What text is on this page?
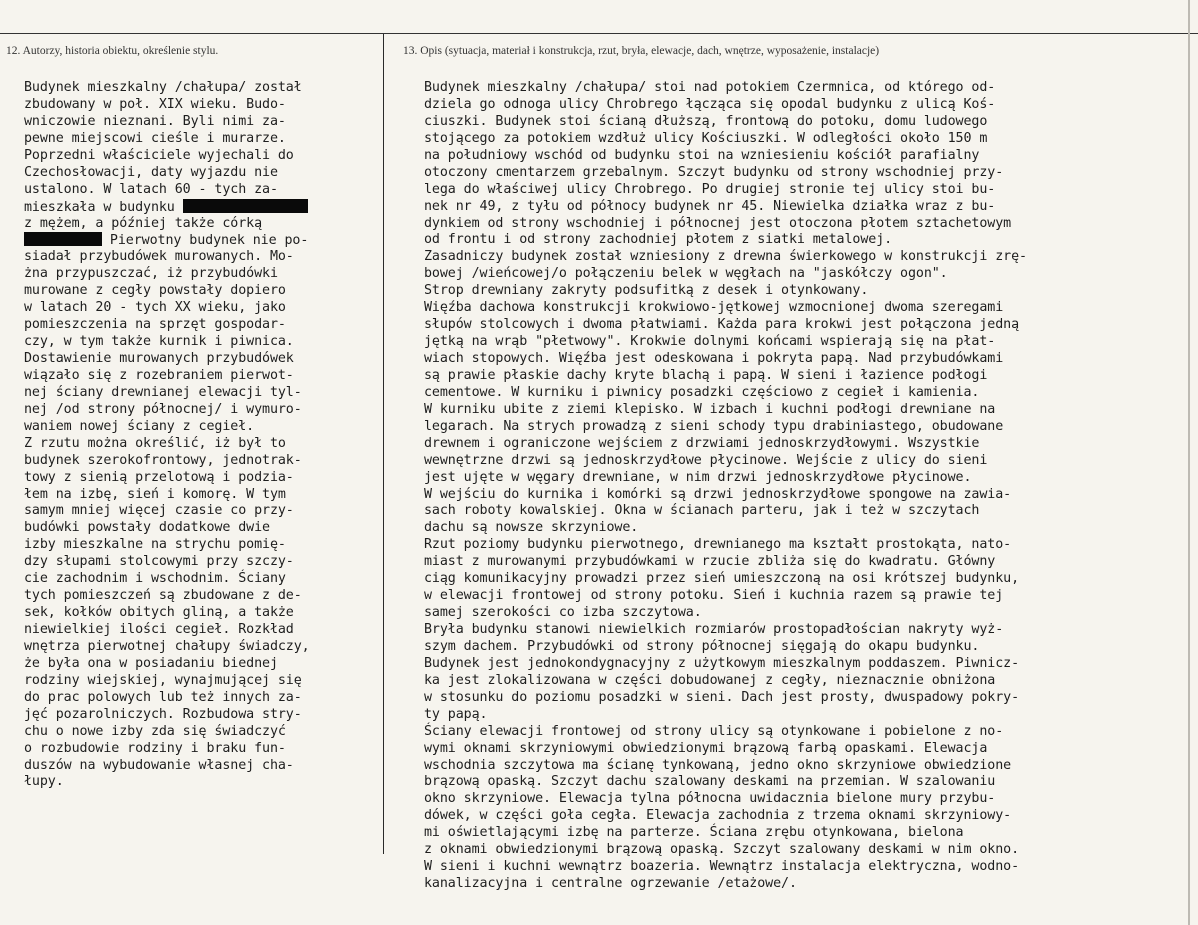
12. Autorzy, historia obiektu, określenie stylu.	13. Opis (sytuacja, materiał i konstrukcja, rzut, bryła, elewacje, dach, wnętrze, wyposażenie, instalacje)
Budynek mieszkalny /chałupa/ został
zbudowany w poł. XIX wieku. Budo-
wniczowie nieznani. Byli nimi za-
pewne miejscowi cieśle i murarze.
Poprzedni właściciele wyjechali do
Czechosłowacji, daty wyjazdu nie
ustalono. W latach 60 - tych za-
mieszkała w budynku
z mężem, a później także córką
Pierwotny budynek nie po-
siadał przybudówek murowanych. Mo-
żna przypuszczać, iż przybudówki
murowane z cegły powstały dopiero
w latach 20 - tych XX wieku, jako
pomieszczenia na sprzęt gospodar-
czy, w tym także kurnik i piwnica.
Dostawienie murowanych przybudówek
wiązało się z rozebraniem pierwot-
nej ściany drewnianej elewacji tyl-
nej /od strony północnej/ i wymuro-
waniem nowej ściany z cegieł.
Z rzutu można określić, iż był to
budynek szerokofrontowy, jednotrak-
towy z sienią przelotową i podzia-
łem na izbę, sień i komorę. W tym
samym mniej więcej czasie co przy-
budówki powstały dodatkowe dwie
izby mieszkalne na strychu pomię-
dzy słupami stolcowymi przy szczy-
cie zachodnim i wschodnim. Ściany
tych pomieszczeń są zbudowane z de-
sek, kołków obitych gliną, a także
niewielkiej ilości cegieł. Rozkład
wnętrza pierwotnej chałupy świadczy,
że była ona w posiadaniu biednej
rodziny wiejskiej, wynajmującej się
do prac polowych lub też innych za-
jęć pozarolniczych. Rozbudowa stry-
chu o nowe izby zda się świadczyć
o rozbudowie rodziny i braku fun-
duszów na wybudowanie własnej cha-
łupy.
Budynek mieszkalny /chałupa/ stoi nad potokiem Czermnica, od którego od-
dziela go odnoga ulicy Chrobrego łącząca się opodal budynku z ulicą Koś-
ciuszki. Budynek stoi ścianą dłuższą, frontową do potoku, domu ludowego
stojącego za potokiem wzdłuż ulicy Kościuszki. W odległości około 150 m
na południowy wschód od budynku stoi na wzniesieniu kościół parafialny
otoczony cmentarzem grzebalnym. Szczyt budynku od strony wschodniej przy-
lega do właściwej ulicy Chrobrego. Po drugiej stronie tej ulicy stoi bu-
nek nr 49, z tyłu od północy budynek nr 45. Niewielka działka wraz z bu-
dynkiem od strony wschodniej i północnej jest otoczona płotem sztachetowym
od frontu i od strony zachodniej płotem z siatki metalowej.
Zasadniczy budynek został wzniesiony z drewna świerkowego w konstrukcji zrę-
bowej /wieńcowej/o połączeniu belek w węgłach na "jaskółczy ogon".
Strop drewniany zakryty podsufitką z desek i otynkowany.
Więźba dachowa konstrukcji krokwiowo-jętkowej wzmocnionej dwoma szeregami
słupów stolcowych i dwoma płatwiami. Każda para krokwi jest połączona jedną
jętką na wrąb "płetwowy". Krokwie dolnymi końcami wspierają się na płat-
wiach stopowych. Więźba jest odeskowana i pokryta papą. Nad przybudówkami
są prawie płaskie dachy kryte blachą i papą. W sieni i łazience podłogi
cementowe. W kurniku i piwnicy posadzki częściowo z cegieł i kamienia.
W kurniku ubite z ziemi klepisko. W izbach i kuchni podłogi drewniane na
legarach. Na strych prowadzą z sieni schody typu drabiniastego, obudowane
drewnem i ograniczone wejściem z drzwiami jednoskrzydłowymi. Wszystkie
wewnętrzne drzwi są jednoskrzydłowe płycinowe. Wejście z ulicy do sieni
jest ujęte w węgary drewniane, w nim drzwi jednoskrzydłowe płycinowe.
W wejściu do kurnika i komórki są drzwi jednoskrzydłowe spongowe na zawia-
sach roboty kowalskiej. Okna w ścianach parteru, jak i też w szczytach
dachu są nowsze skrzyniowe.
Rzut poziomy budynku pierwotnego, drewnianego ma kształt prostokąta, nato-
miast z murowanymi przybudówkami w rzucie zbliża się do kwadratu. Główny
ciąg komunikacyjny prowadzi przez sień umieszczoną na osi krótszej budynku,
w elewacji frontowej od strony potoku. Sień i kuchnia razem są prawie tej
samej szerokości co izba szczytowa.
Bryła budynku stanowi niewielkich rozmiarów prostopadłościan nakryty wyż-
szym dachem. Przybudówki od strony północnej sięgają do okapu budynku.
Budynek jest jednokondygnacyjny z użytkowym mieszkalnym poddaszem. Piwnicz-
ka jest zlokalizowana w części dobudowanej z cegły, nieznacznie obniżona
w stosunku do poziomu posadzki w sieni. Dach jest prosty, dwuspadowy pokry-
ty papą.
Ściany elewacji frontowej od strony ulicy są otynkowane i pobielone z no-
wymi oknami skrzyniowymi obwiedzionymi brązową farbą opaskami. Elewacja
wschodnia szczytowa ma ścianę tynkowaną, jedno okno skrzyniowe obwiedzione
brązową opaską. Szczyt dachu szalowany deskami na przemian. W szalowaniu
okno skrzyniowe. Elewacja tylna północna uwidacznia bielone mury przybu-
dówek, w części goła cegła. Elewacja zachodnia z trzema oknami skrzyniowy-
mi oświetlającymi izbę na parterze. Ściana zrębu otynkowana, bielona
z oknami obwiedzionymi brązową opaską. Szczyt szalowany deskami w nim okno.
W sieni i kuchni wewnątrz boazeria. Wewnątrz instalacja elektryczna, wodno-
kanalizacyjna i centralne ogrzewanie /etażowe/.
